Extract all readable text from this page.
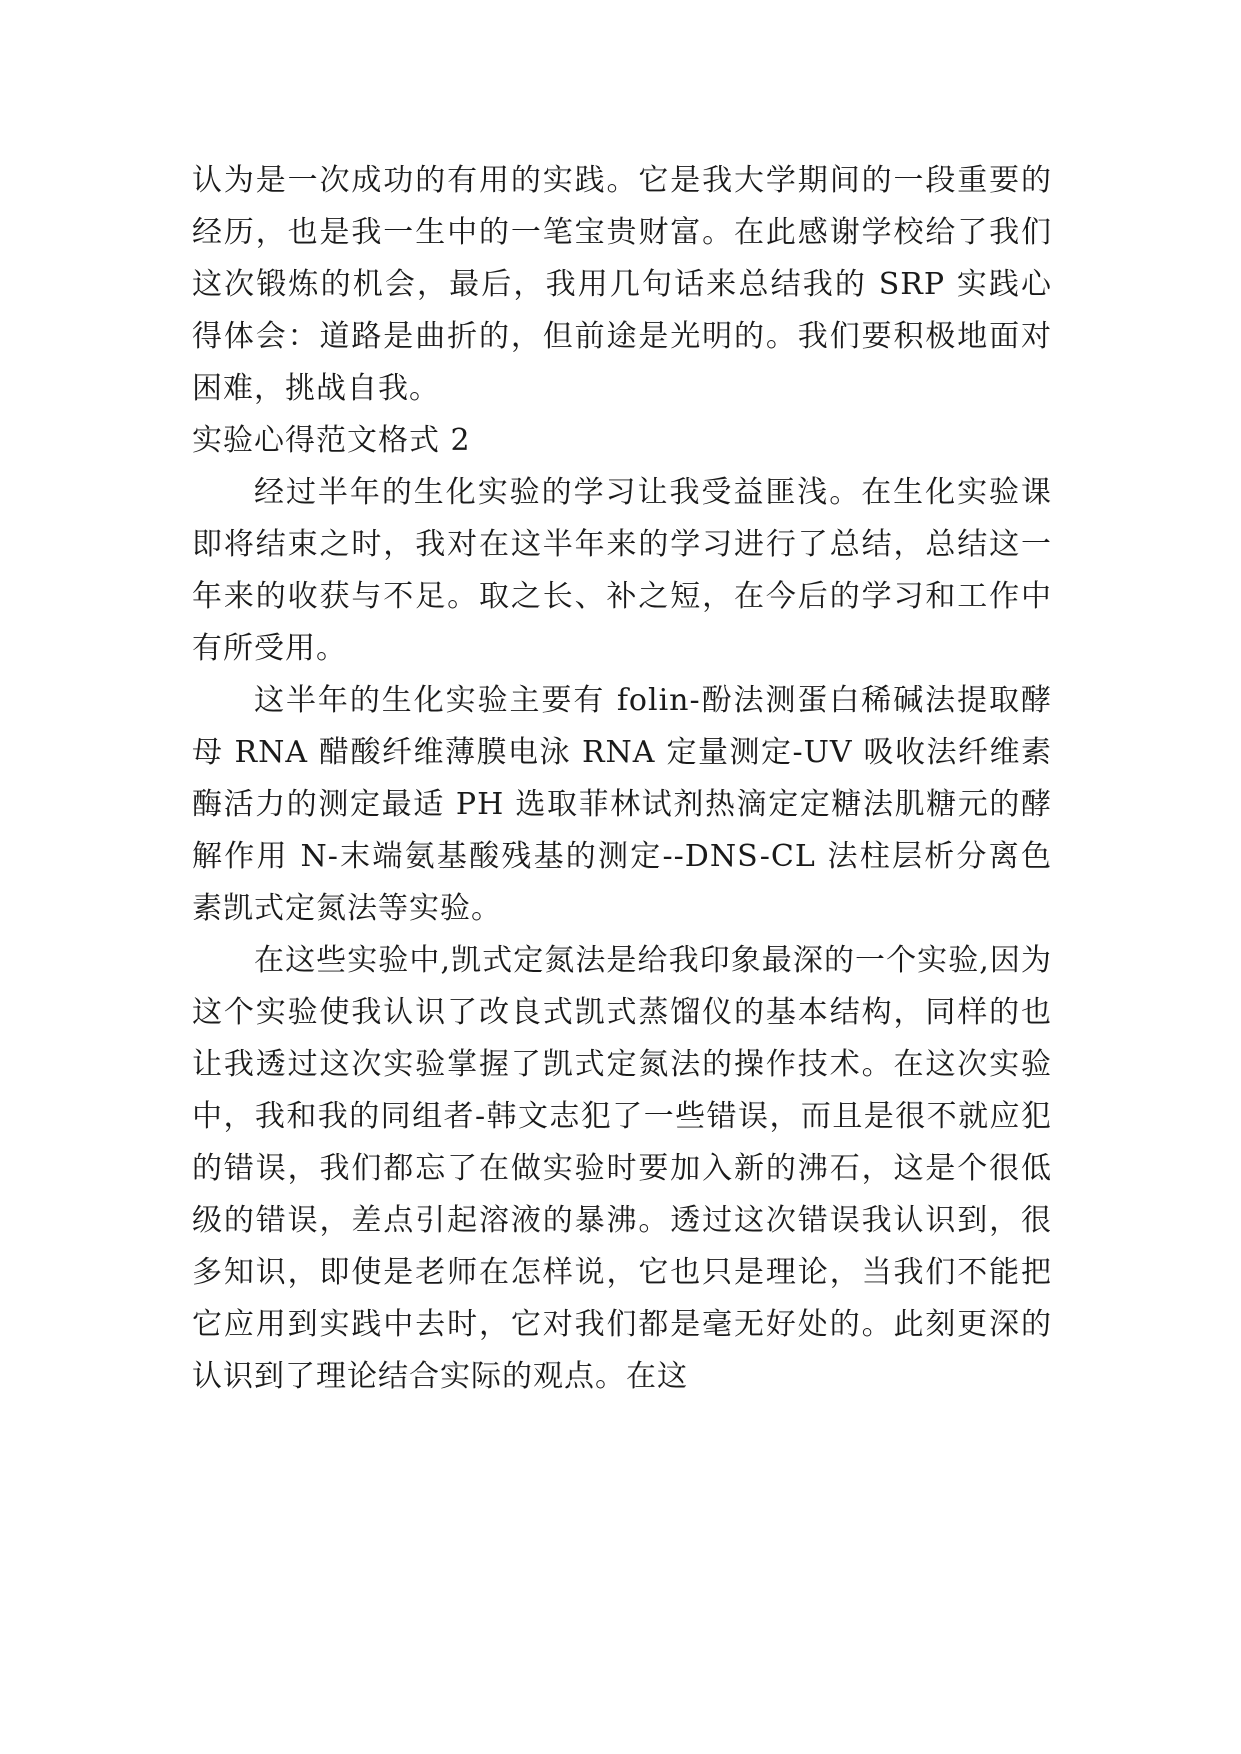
认为是一次成功的有用的实践。它是我大学期间的一段重要的经历，也是我一生中的一笔宝贵财富。在此感谢学校给了我们这次锻炼的机会，最后，我用几句话来总结我的 SRP 实践心得体会：道路是曲折的，但前途是光明的。我们要积极地面对困难，挑战自我。

实验心得范文格式 2

经过半年的生化实验的学习让我受益匪浅。在生化实验课即将结束之时，我对在这半年来的学习进行了总结，总结这一年来的收获与不足。取之长、补之短，在今后的学习和工作中有所受用。

这半年的生化实验主要有 folin-酚法测蛋白稀碱法提取酵母 RNA 醋酸纤维薄膜电泳 RNA 定量测定-UV 吸收法纤维素酶活力的测定最适 PH 选取菲林试剂热滴定定糖法肌糖元的酵解作用 N-末端氨基酸残基的测定--DNS-CL 法柱层析分离色素凯式定氮法等实验。

在这些实验中,凯式定氮法是给我印象最深的一个实验,因为这个实验使我认识了改良式凯式蒸馏仪的基本结构，同样的也让我透过这次实验掌握了凯式定氮法的操作技术。在这次实验中，我和我的同组者-韩文志犯了一些错误，而且是很不就应犯的错误，我们都忘了在做实验时要加入新的沸石，这是个很低级的错误，差点引起溶液的暴沸。透过这次错误我认识到，很多知识，即使是老师在怎样说，它也只是理论，当我们不能把它应用到实践中去时，它对我们都是毫无好处的。此刻更深的认识到了理论结合实际的观点。在这
